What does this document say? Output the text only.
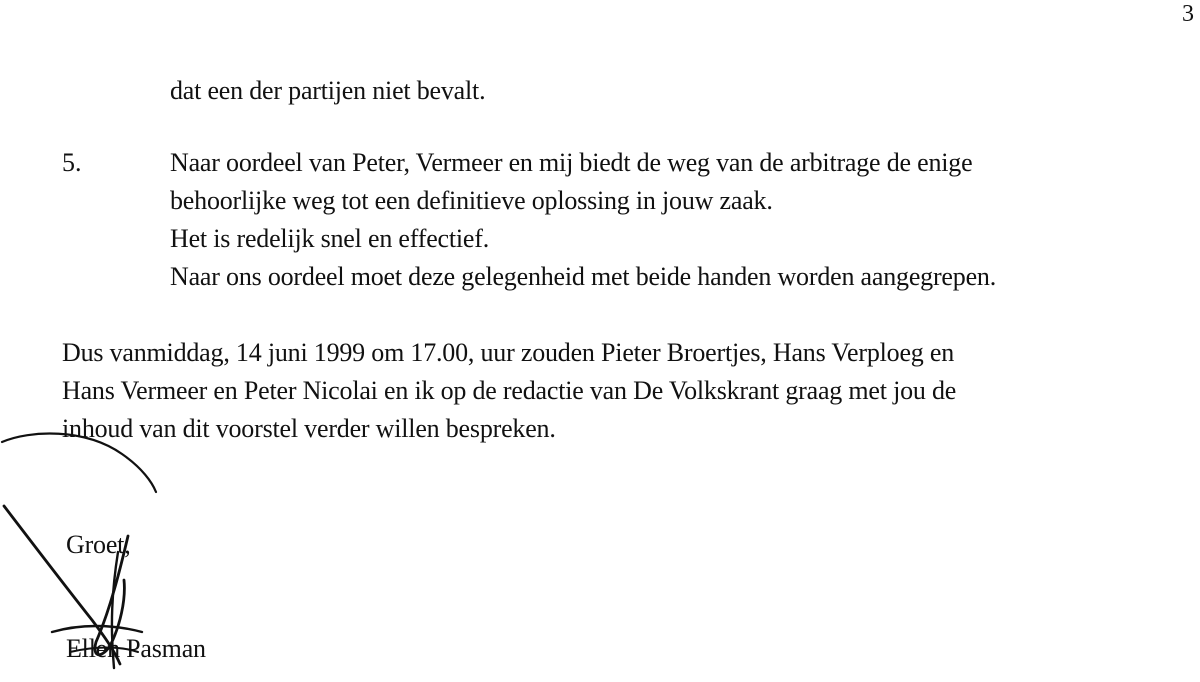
3
dat een der partijen niet bevalt.
5.	Naar oordeel van Peter, Vermeer en mij biedt de weg van de arbitrage de enige
behoorlijke weg tot een definitieve oplossing in jouw zaak.
Het is redelijk snel en effectief.
Naar ons oordeel moet deze gelegenheid met beide handen worden aangegrepen.
Dus vanmiddag, 14 juni 1999 om 17.00, uur zouden Pieter Broertjes, Hans Verploeg en
Hans Vermeer en Peter Nicolai en ik op de redactie van De Volkskrant graag met jou de
inhoud van dit voorstel verder willen bespreken.
Groet,
Ellen Pasman
